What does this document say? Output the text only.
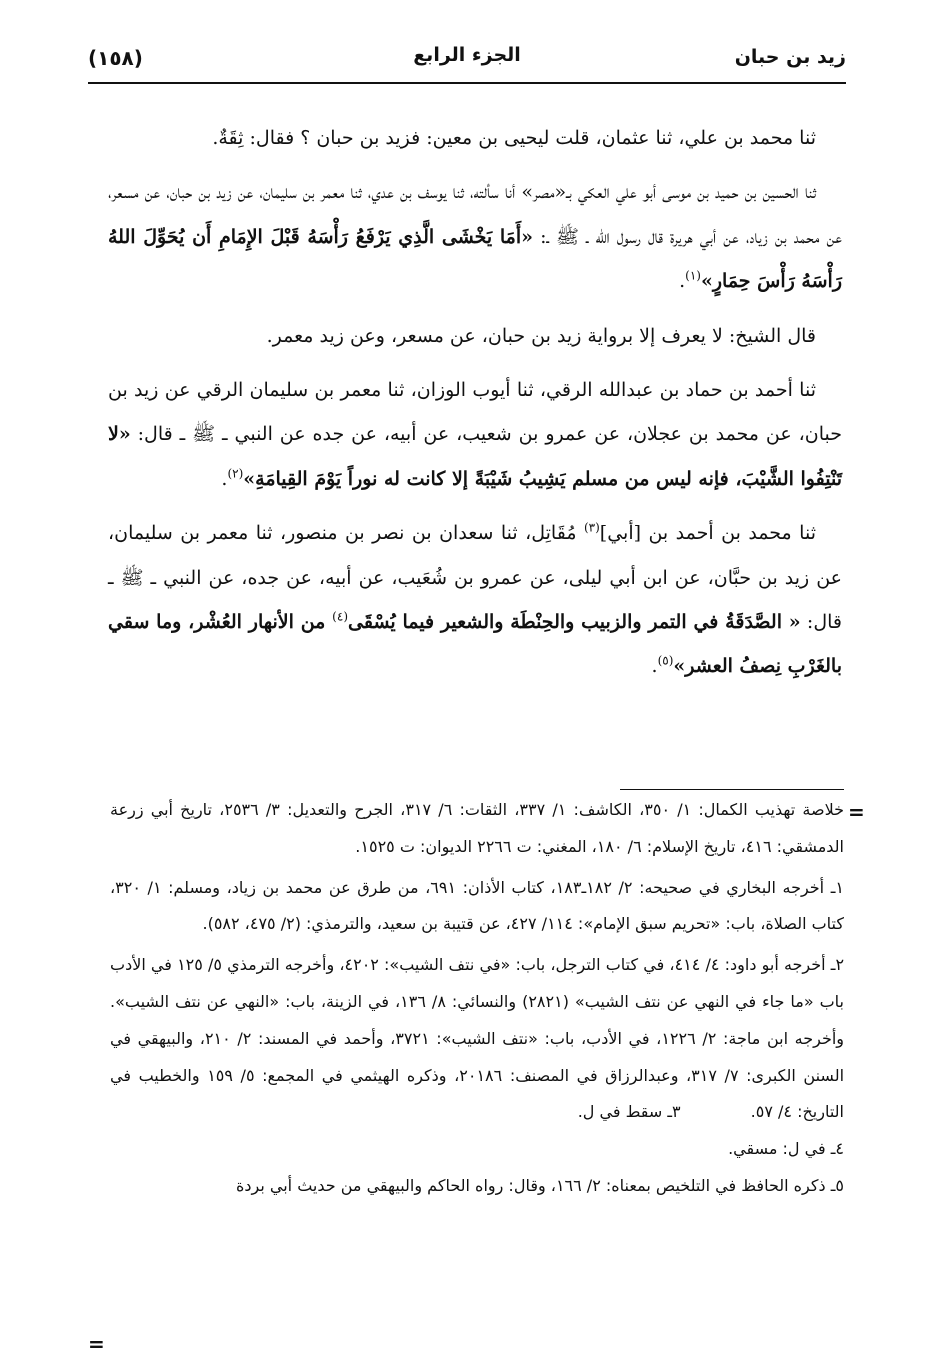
زيد بن حبان
الجزء الرابع
(١٥٨)

ثنا محمد بن علي، ثنا عثمان، قلت ليحيى بن معين: فزيد بن حبان ؟ فقال: ثِقَةٌ.

ثنا الحسين بن حميد بن موسى أبو علي العكي بـ«مصر» أنا سألته، ثنا يوسف بن عدي، ثنا معمر بن سليمان، عن زيد بن حبان، عن مسعر، عن محمد بن زياد، عن أبي هريرة قال رسول الله ـ ﷺ ـ: «أَمَا يَخْشَى الَّذِي يَرْفَعُ رَأْسَهُ قَبْلَ الإِمَامِ أَن يُحَوِّلَ اللهُ رَأْسَهُ رَأْسَ حِمَارٍ»$^{(١)}$.

قال الشيخ: لا يعرف إلا برواية زيد بن حبان، عن مسعر، وعن زيد معمر.

ثنا أحمد بن حماد بن عبدالله الرقي، ثنا أيوب الوزان، ثنا معمر بن سليمان الرقي عن زيد بن حبان، عن محمد بن عجلان، عن عمرو بن شعيب، عن أبيه، عن جده عن النبي ـ ﷺ ـ قال: «لا تَنْتِفُوا الشَّيْبَ، فإنه ليس من مسلم يَشِيبُ شَيْبَةً إلا كانت له نوراً يَوْمَ القِيامَةِ»$^{(٢)}$.

ثنا محمد بن أحمد بن [أبي]$^{(٣)}$ مُقَاتِل، ثنا سعدان بن نصر بن منصور، ثنا معمر بن سليمان، عن زيد بن حبَّان، عن ابن أبي ليلى، عن عمرو بن شُعَيب، عن أبيه، عن جده، عن النبي ـ ﷺ ـ قال: « الصَّدَقَةُ في التمر والزبيب والحِنْطَة والشعير فيما يُسْقَى$^{(٤)}$ من الأنهار العُشْر، وما سقي بالغَرْبِ نِصفُ العشر»$^{(٥)}$.

=

خلاصة تهذيب الكمال: ١/ ٣٥٠، الكاشف: ١/ ٣٣٧، الثقات: ٦/ ٣١٧، الجرح والتعديل: ٣/ ٢٥٣٦، تاريخ أبي زرعة الدمشقي: ٤١٦، تاريخ الإسلام: ٦/ ١٨٠، المغني: ت ٢٢٦٦ الديوان: ت ١٥٢٥.

١ـ أخرجه البخاري في صحيحه: ٢/ ١٨٢ـ١٨٣، كتاب الأذان: ٦٩١، من طرق عن محمد بن زياد، ومسلم: ١/ ٣٢٠، كتاب الصلاة، باب: «تحريم سبق الإمام»: ١١٤/ ٤٢٧، عن قتيبة بن سعيد، والترمذي: (٢/ ٤٧٥، ٥٨٢).

٢ـ أخرجه أبو داود: ٤/ ٤١٤، في كتاب الترجل، باب: «في نتف الشيب»: ٤٢٠٢، وأخرجه الترمذي ٥/ ١٢٥ في الأدب باب «ما جاء في النهي عن نتف الشيب» (٢٨٢١) والنسائي: ٨/ ١٣٦، في الزينة، باب: «النهي عن نتف الشيب». وأخرجه ابن ماجة: ٢/ ١٢٢٦، في الأدب، باب: «نتف الشيب»: ٣٧٢١، وأحمد في المسند: ٢/ ٢١٠، والبيهقي في السنن الكبرى: ٧/ ٣١٧، وعبدالرزاق في المصنف: ٢٠١٨٦، وذكره الهيثمي في المجمع: ٥/ ١٥٩ والخطيب في التاريخ: ٤/ ٥٧.٣ـ سقط في ل.

٤ـ في ل: مسقي.

٥ـ ذكره الحافظ في التلخيص بمعناه: ٢/ ١٦٦، وقال: رواه الحاكم والبيهقي من حديث أبي بردة

=
